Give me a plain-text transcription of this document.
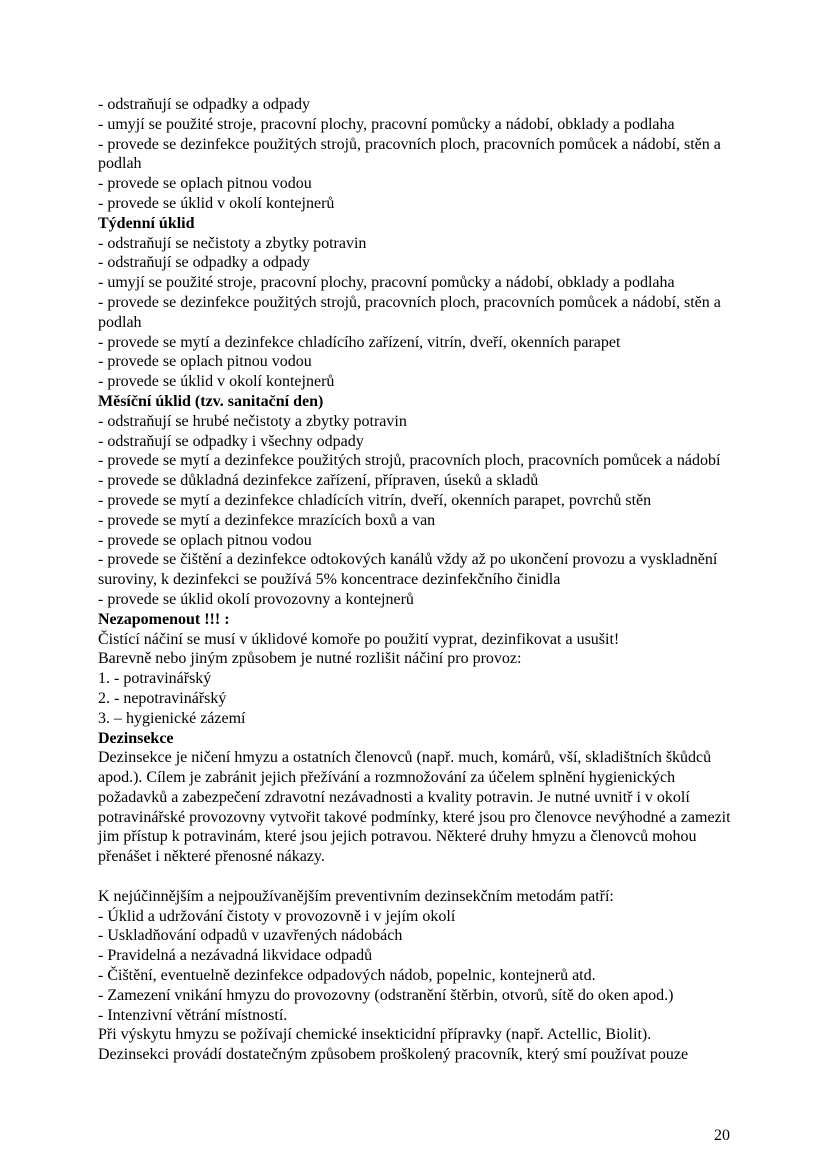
- odstraňují se odpadky a odpady

- umyjí se použité stroje, pracovní plochy, pracovní pomůcky a nádobí, obklady a podlaha

- provede se dezinfekce použitých strojů, pracovních ploch, pracovních pomůcek a nádobí, stěn a podlah

- provede se oplach pitnou vodou

- provede se úklid v okolí kontejnerů

Týdenní úklid

- odstraňují se nečistoty a zbytky potravin

- odstraňují se odpadky a odpady

- umyjí se použité stroje, pracovní plochy, pracovní pomůcky a nádobí, obklady a podlaha

- provede se dezinfekce použitých strojů, pracovních ploch, pracovních pomůcek a nádobí, stěn a podlah

- provede se mytí a dezinfekce chladícího zařízení, vitrín, dveří, okenních parapet

- provede se oplach pitnou vodou

- provede se úklid v okolí kontejnerů

Měsíční úklid (tzv. sanitační den)

- odstraňují se hrubé nečistoty a zbytky potravin

- odstraňují se odpadky i všechny odpady

- provede se mytí a dezinfekce použitých strojů, pracovních ploch, pracovních pomůcek a nádobí

- provede se důkladná dezinfekce zařízení, přípraven, úseků a skladů

- provede se mytí a dezinfekce chladících vitrín, dveří, okenních parapet, povrchů stěn

- provede se mytí a dezinfekce mrazících boxů a van

- provede se oplach pitnou vodou

- provede se čištění a dezinfekce odtokových kanálů vždy až po ukončení provozu a vyskladnění suroviny, k dezinfekci se používá 5% koncentrace dezinfekčního činidla

- provede se úklid okolí provozovny a kontejnerů

Nezapomenout !!! :

Čistící náčiní se musí v úklidové komoře po použití vyprat, dezinfikovat a usušit!

Barevně nebo jiným způsobem je nutné rozlišit náčiní pro provoz:

1. - potravinářský

2. - nepotravinářský

3. – hygienické zázemí

Dezinsekce

Dezinsekce je ničení hmyzu a ostatních členovců (např. much, komárů, vší, skladištních škůdců apod.). Cílem je zabránit jejich přežívání a rozmnožování za účelem splnění hygienických požadavků a zabezpečení zdravotní nezávadnosti a kvality potravin. Je nutné uvnitř i v okolí potravinářské provozovny vytvořit takové podmínky, které jsou pro členovce nevýhodné a zamezit jim přístup k potravinám, které jsou jejich potravou. Některé druhy hmyzu a členovců mohou přenášet i některé přenosné nákazy.

K nejúčinnějším a nejpoužívanějším preventivním dezinsekčním metodám patří:

- Úklid a udržování čistoty v provozovně i v jejím okolí

- Uskladňování odpadů v uzavřených nádobách

- Pravidelná a nezávadná likvidace odpadů

- Čištění, eventuelně dezinfekce odpadových nádob, popelnic, kontejnerů atd.

- Zamezení vnikání hmyzu do provozovny (odstranění štěrbin, otvorů, sítě do oken apod.)

- Intenzivní větrání místností.

Při výskytu hmyzu se požívají chemické insekticidní přípravky (např. Actellic, Biolit).

Dezinsekci provádí dostatečným způsobem proškolený pracovník, který smí používat pouze

20
